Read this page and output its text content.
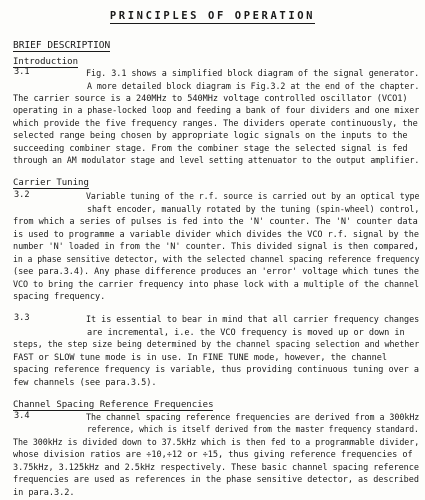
PRINCIPLES OF OPERATION
BRIEF DESCRIPTION
Introduction
3.1	Fig. 3.1 shows a simplified block diagram of the signal generator.
A more detailed block diagram is Fig.3.2 at the end of the chapter.
The carrier source is a 240MHz to 540MHz voltage controlled oscillator (VCO1)
operating in a phase-locked loop and feeding a bank of four dividers and one mixer
which provide the five frequency ranges. The dividers operate continuously, the
selected range being chosen by appropriate logic signals on the inputs to the
succeeding combiner stage. From the combiner stage the selected signal is fed
through an AM modulator stage and level setting attenuator to the output amplifier.
Carrier Tuning
3.2	Variable tuning of the r.f. source is carried out by an optical type
shaft encoder, manually rotated by the tuning (spin-wheel) control,
from which a series of pulses is fed into the 'N' counter. The 'N' counter data
is used to programme a variable divider which divides the VCO r.f. signal by the
number 'N' loaded in from the 'N' counter. This divided signal is then compared,
in a phase sensitive detector, with the selected channel spacing reference frequency
(see para.3.4). Any phase difference produces an 'error' voltage which tunes the
VCO to bring the carrier frequency into phase lock with a multiple of the channel
spacing frequency.
3.3	It is essential to bear in mind that all carrier frequency changes
are incremental, i.e. the VCO frequency is moved up or down in
steps, the step size being determined by the channel spacing selection and whether
FAST or SLOW tune mode is in use. In FINE TUNE mode, however, the channel
spacing reference frequency is variable, thus providing continuous tuning over a
few channels (see para.3.5).
Channel Spacing Reference Frequencies
3.4	The channel spacing reference frequencies are derived from a 300kHz
reference, which is itself derived from the master frequency standard.
The 300kHz is divided down to 37.5kHz which is then fed to a programmable divider,
whose division ratios are ÷10,÷12 or ÷15, thus giving reference frequencies of
3.75kHz, 3.125kHz and 2.5kHz respectively. These basic channel spacing reference
frequencies are used as references in the phase sensitive detector, as described
in para.3.2.
